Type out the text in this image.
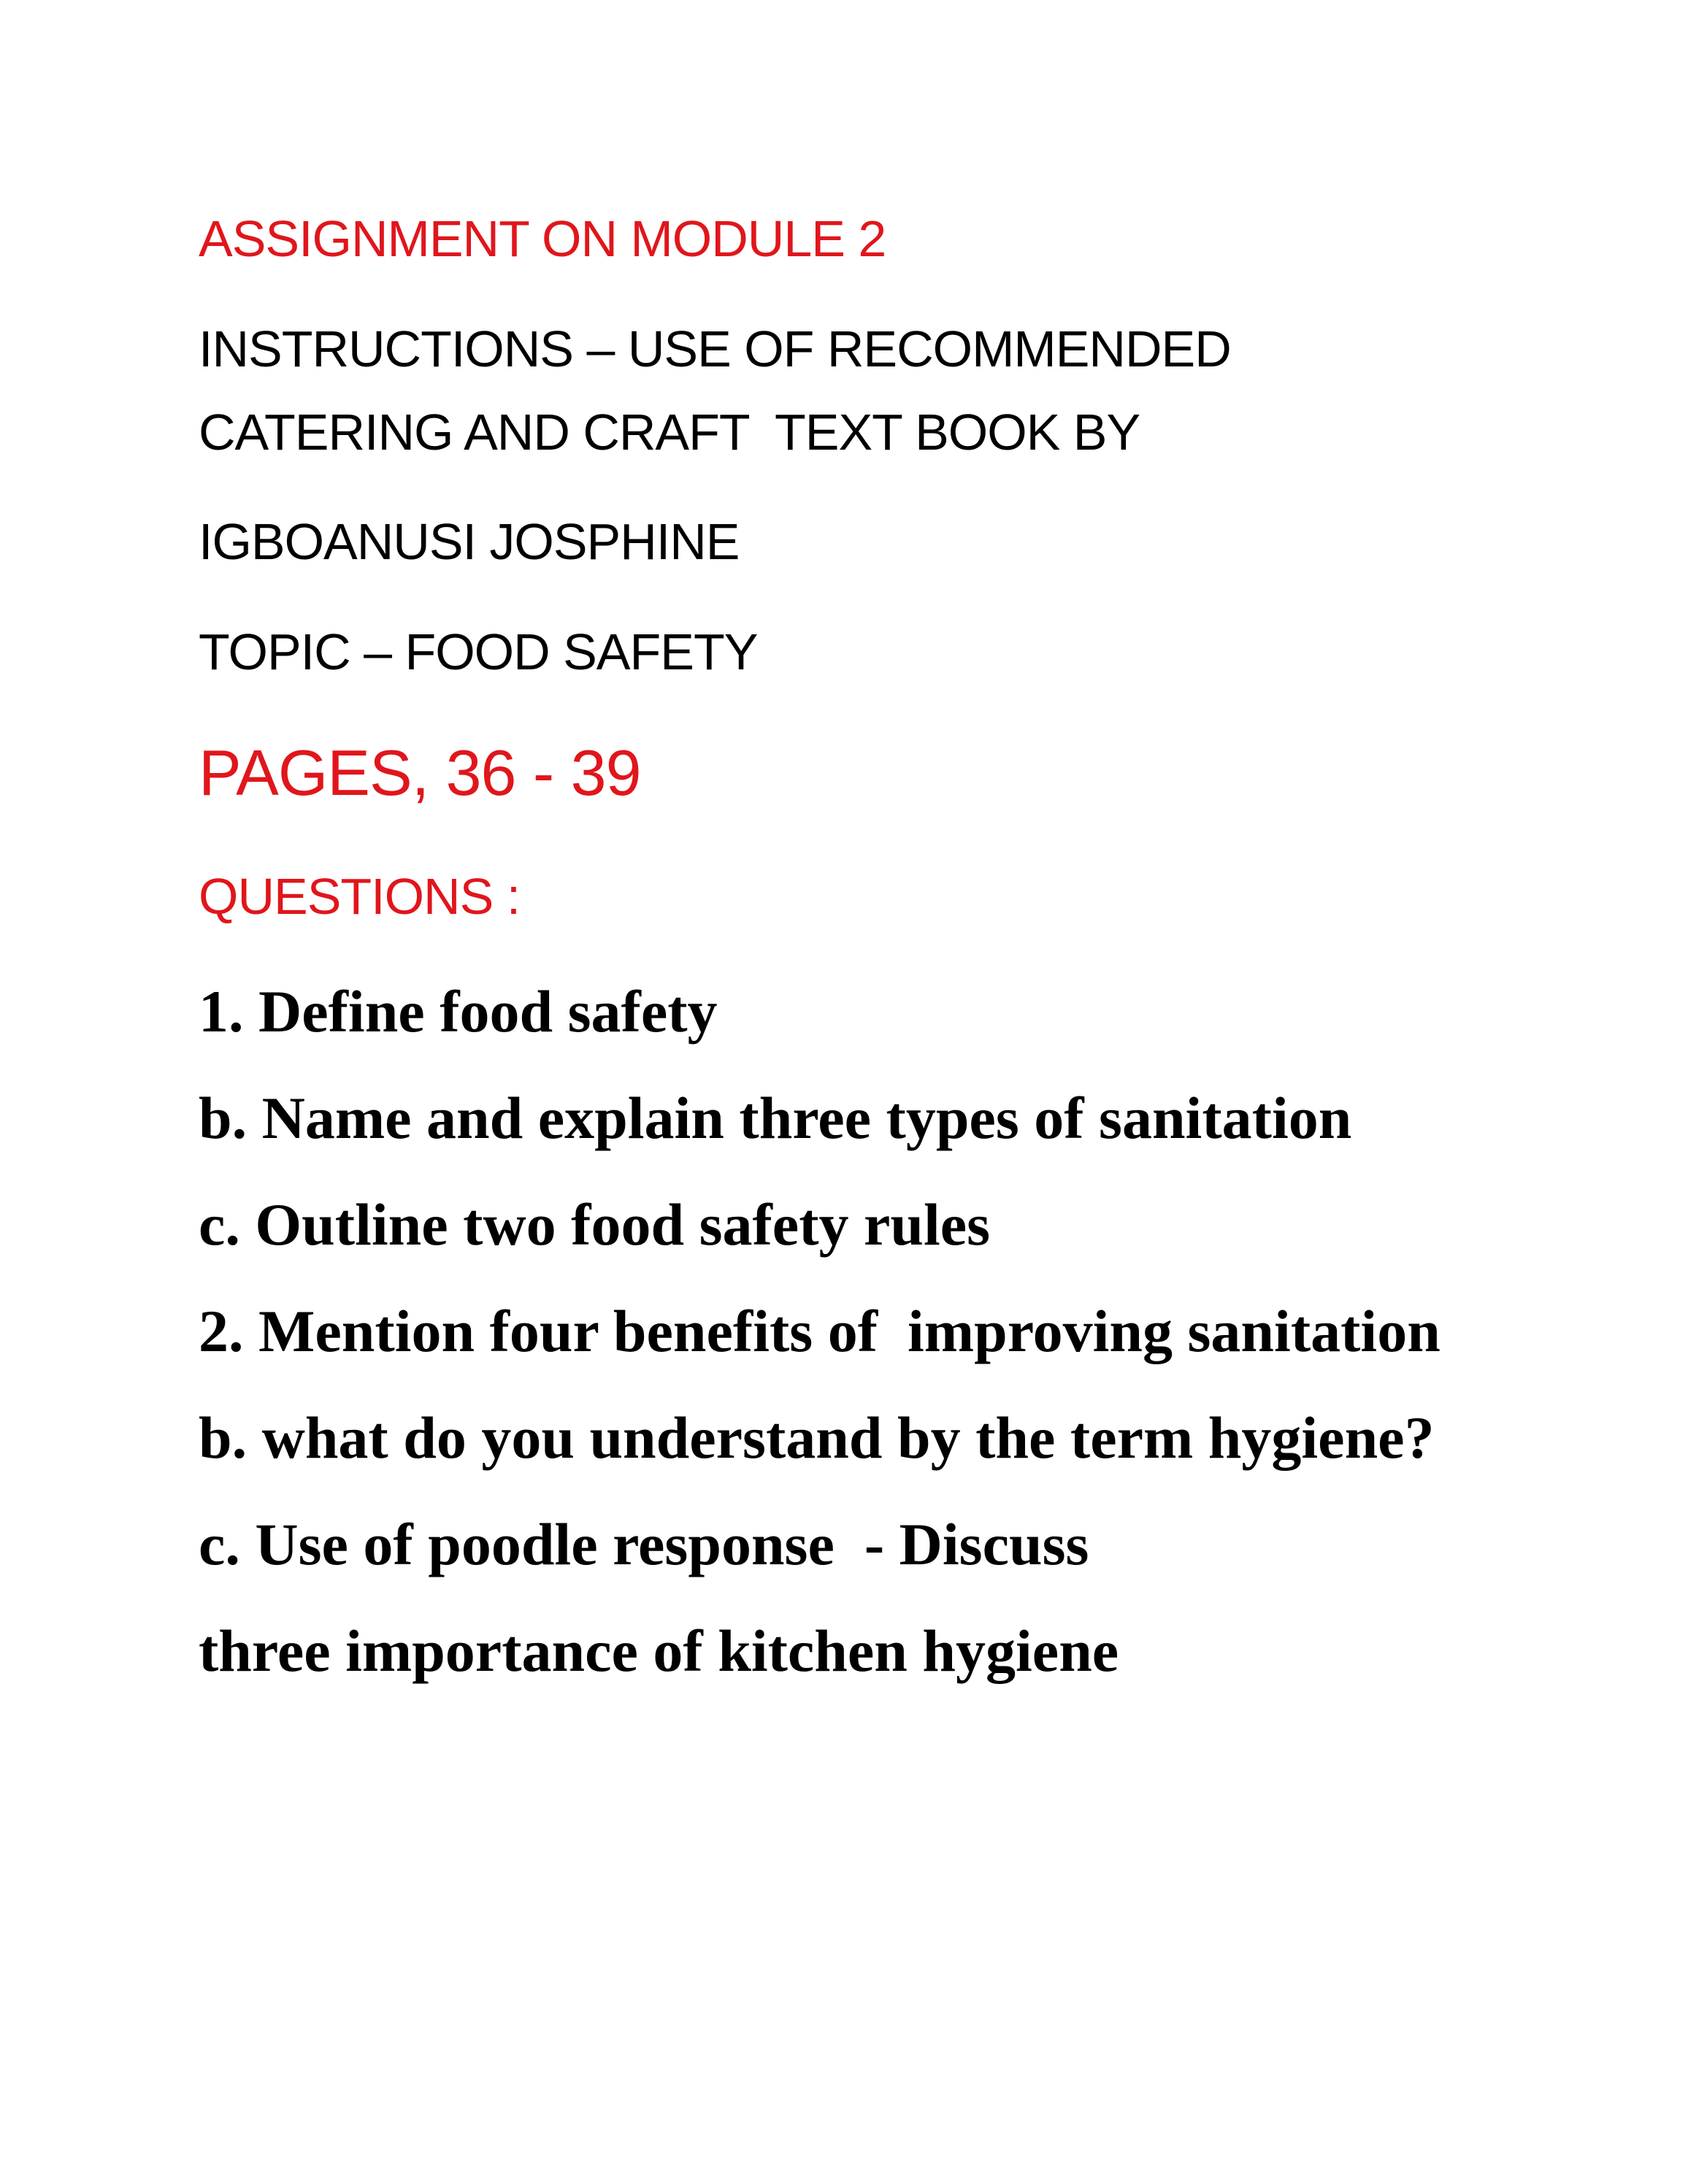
ASSIGNMENT ON MODULE 2

INSTRUCTIONS – USE OF RECOMMENDED

CATERING AND CRAFT  TEXT BOOK BY

IGBOANUSI JOSPHINE

TOPIC – FOOD SAFETY

PAGES, 36 - 39

QUESTIONS :

1. Define food safety

b. Name and explain three types of sanitation

c. Outline two food safety rules

2. Mention four benefits of  improving sanitation

b. what do you understand by the term hygiene?

c. Use of poodle response  - Discuss

three importance of kitchen hygiene
